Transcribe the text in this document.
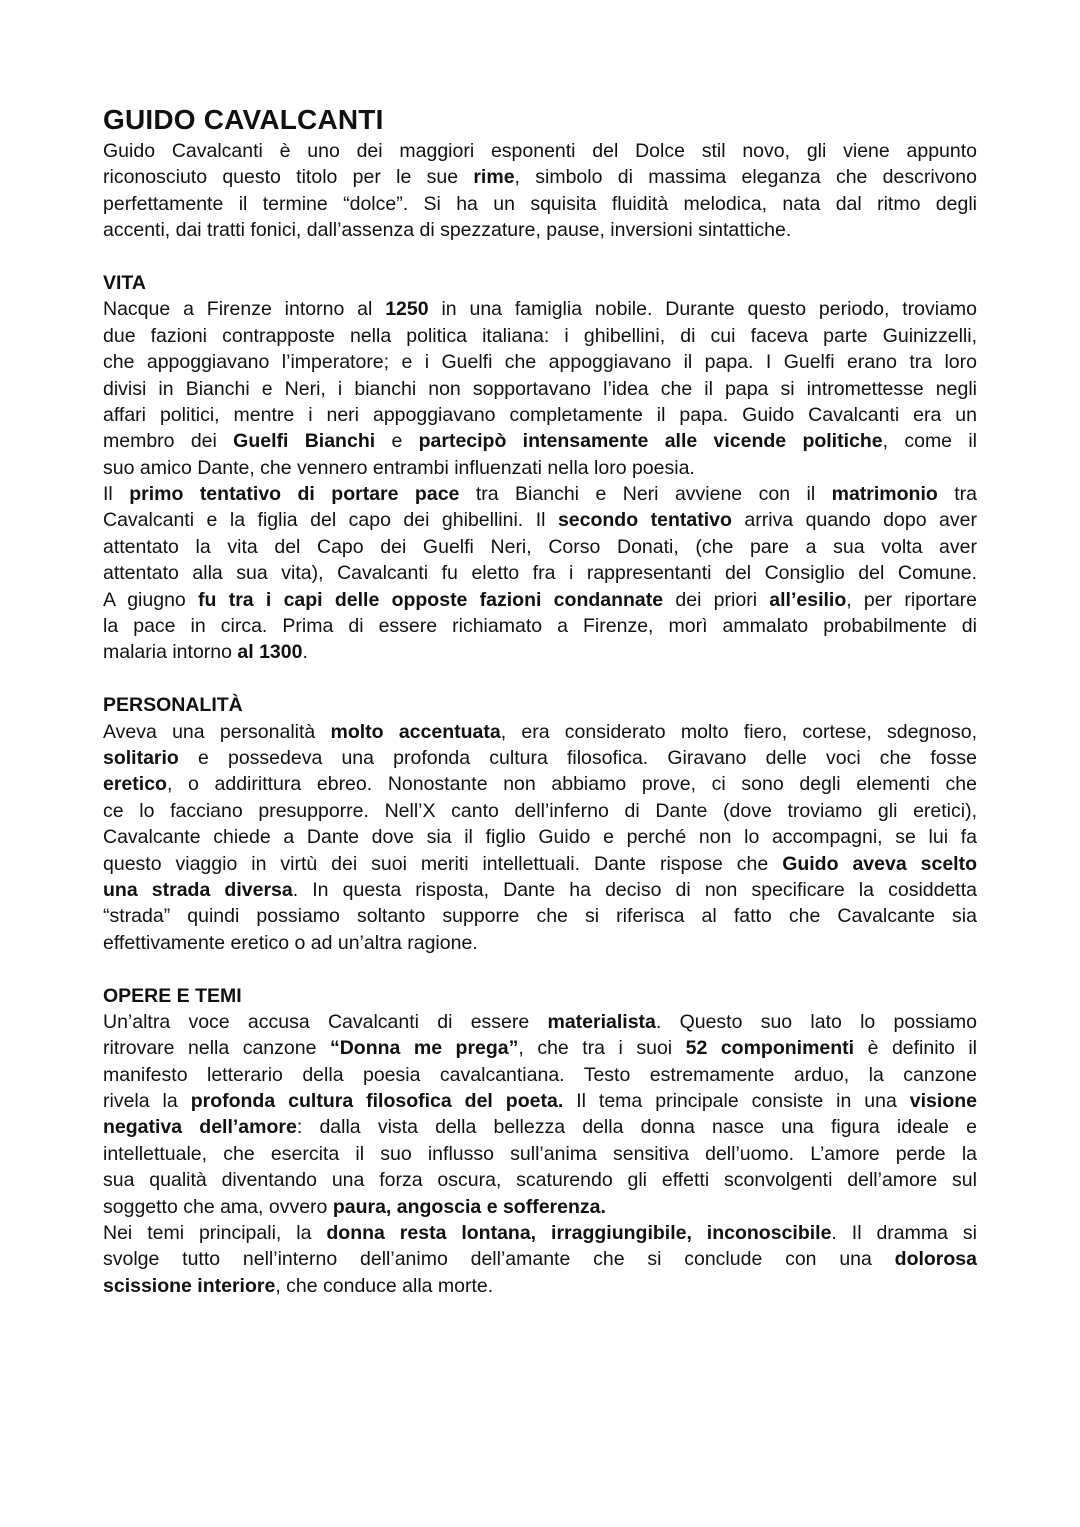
GUIDO CAVALCANTI
Guido Cavalcanti è uno dei maggiori esponenti del Dolce stil novo, gli viene appunto
riconosciuto questo titolo per le sue rime, simbolo di massima eleganza che descrivono
perfettamente il termine “dolce”. Si ha un squisita fluidità melodica, nata dal ritmo degli
accenti, dai tratti fonici, dall’assenza di spezzature, pause, inversioni sintattiche.
VITA
Nacque a Firenze intorno al 1250 in una famiglia nobile. Durante questo periodo, troviamo
due fazioni contrapposte nella politica italiana: i ghibellini, di cui faceva parte Guinizzelli,
che appoggiavano l’imperatore; e i Guelfi che appoggiavano il papa. I Guelfi erano tra loro
divisi in Bianchi e Neri, i bianchi non sopportavano l’idea che il papa si intromettesse negli
affari politici, mentre i neri appoggiavano completamente il papa. Guido Cavalcanti era un
membro dei Guelfi Bianchi e partecipò intensamente alle vicende politiche, come il
suo amico Dante, che vennero entrambi influenzati nella loro poesia.
Il primo tentativo di portare pace tra Bianchi e Neri avviene con il matrimonio tra
Cavalcanti e la figlia del capo dei ghibellini. Il secondo tentativo arriva quando dopo aver
attentato la vita del Capo dei Guelfi Neri, Corso Donati, (che pare a sua volta aver
attentato alla sua vita), Cavalcanti fu eletto fra i rappresentanti del Consiglio del Comune.
A giugno fu tra i capi delle opposte fazioni condannate dei priori all’esilio, per riportare
la pace in circa. Prima di essere richiamato a Firenze, morì ammalato probabilmente di
malaria intorno al 1300.
PERSONALITÀ
Aveva una personalità molto accentuata, era considerato molto fiero, cortese, sdegnoso,
solitario e possedeva una profonda cultura filosofica. Giravano delle voci che fosse
eretico, o addirittura ebreo. Nonostante non abbiamo prove, ci sono degli elementi che
ce lo facciano presupporre. Nell’X canto dell’inferno di Dante (dove troviamo gli eretici),
Cavalcante chiede a Dante dove sia il figlio Guido e perché non lo accompagni, se lui fa
questo viaggio in virtù dei suoi meriti intellettuali. Dante rispose che Guido aveva scelto
una strada diversa. In questa risposta, Dante ha deciso di non specificare la cosiddetta
“strada” quindi possiamo soltanto supporre che si riferisca al fatto che Cavalcante sia
effettivamente eretico o ad un’altra ragione.
OPERE E TEMI
Un’altra voce accusa Cavalcanti di essere materialista. Questo suo lato lo possiamo
ritrovare nella canzone “Donna me prega”, che tra i suoi 52 componimenti è definito il
manifesto letterario della poesia cavalcantiana. Testo estremamente arduo, la canzone
rivela la profonda cultura filosofica del poeta. Il tema principale consiste in una visione
negativa dell’amore: dalla vista della bellezza della donna nasce una figura ideale e
intellettuale, che esercita il suo influsso sull’anima sensitiva dell’uomo. L’amore perde la
sua qualità diventando una forza oscura, scaturendo gli effetti sconvolgenti dell’amore sul
soggetto che ama, ovvero paura, angoscia e sofferenza.
Nei temi principali, la donna resta lontana, irraggiungibile, inconoscibile. Il dramma si
svolge tutto nell’interno dell’animo dell’amante che si conclude con una dolorosa
scissione interiore, che conduce alla morte.
